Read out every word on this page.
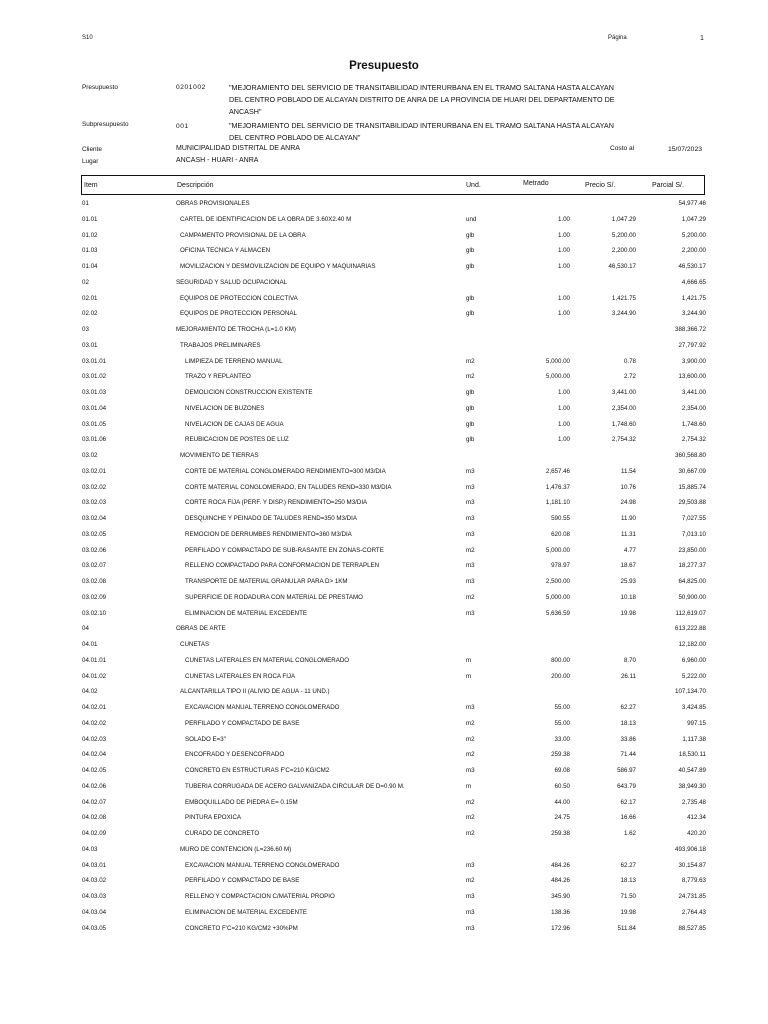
S10	Página	1
Presupuesto
Presupuesto	0201002	"MEJORAMIENTO DEL SERVICIO DE TRANSITABILIDAD INTERURBANA EN EL TRAMO SALTANA HASTA ALCAYAN
DEL CENTRO POBLADO DE ALCAYAN DISTRITO DE ANRA DE LA PROVINCIA DE HUARI DEL DEPARTAMENTO DE
ANCASH"
Subpresupuesto	001	"MEJORAMIENTO DEL SERVICIO DE TRANSITABILIDAD INTERURBANA EN EL TRAMO SALTANA HASTA ALCAYAN
DEL CENTRO POBLADO DE ALCAYAN"
Cliente	MUNICIPALIDAD DISTRITAL DE ANRA	Costo al	15/07/2023
Lugar	ANCASH - HUARI - ANRA
Item	Descripción	Und.	Metrado	Precio S/.	Parcial S/.
01	OBRAS PROVISIONALES	54,977.46
01.01	CARTEL DE IDENTIFICACION DE LA OBRA DE 3.60X2.40 M	und	1.00	1,047.29	1,047.29
01.02	CAMPAMENTO PROVISIONAL DE LA OBRA	glb	1.00	5,200.00	5,200.00
01.03	OFICINA TECNICA Y ALMACEN	glb	1.00	2,200.00	2,200.00
01.04	MOVILIZACION Y DESMOVILIZACION DE EQUIPO Y MAQUINARIAS	glb	1.00	46,530.17	46,530.17
02	SEGURIDAD Y SALUD OCUPACIONAL	4,666.65
02.01	EQUIPOS DE PROTECCION COLECTIVA	glb	1.00	1,421.75	1,421.75
02.02	EQUIPOS DE PROTECCION PERSONAL	glb	1.00	3,244.90	3,244.90
03	MEJORAMIENTO DE TROCHA (L=1.0 KM)	388,366.72
03.01	TRABAJOS PRELIMINARES	27,797.92
03.01.01	LIMPIEZA DE TERRENO MANUAL	m2	5,000.00	0.78	3,900.00
03.01.02	TRAZO Y REPLANTEO	m2	5,000.00	2.72	13,600.00
03.01.03	DEMOLICION CONSTRUCCION EXISTENTE	glb	1.00	3,441.00	3,441.00
03.01.04	NIVELACION DE BUZONES	glb	1.00	2,354.00	2,354.00
03.01.05	NIVELACION DE CAJAS DE AGUA	glb	1.00	1,748.60	1,748.60
03.01.06	REUBICACION DE POSTES DE LUZ	glb	1.00	2,754.32	2,754.32
03.02	MOVIMIENTO DE TIERRAS	360,568.80
03.02.01	CORTE DE MATERIAL CONGLOMERADO RENDIMIENTO=300 M3/DIA	m3	2,657.46	11.54	30,667.09
03.02.02	CORTE MATERIAL CONGLOMERADO, EN TALUDES REND=330 M3/DIA	m3	1,476.37	10.76	15,885.74
03.02.03	CORTE ROCA FIJA (PERF. Y DISP.) RENDIMIENTO=250 M3/DIA	m3	1,181.10	24.98	29,503.88
03.02.04	DESQUINCHE Y PEINADO DE TALUDES REND=350 M3/DIA	m3	590.55	11.90	7,027.55
03.02.05	REMOCION DE DERRUMBES RENDIMIENTO=360 M3/DIA	m3	620.08	11.31	7,013.10
03.02.06	PERFILADO Y COMPACTADO DE SUB-RASANTE EN ZONAS-CORTE	m2	5,000.00	4.77	23,850.00
03.02.07	RELLENO COMPACTADO PARA CONFORMACION DE TERRAPLEN	m3	978.97	18.67	18,277.37
03.02.08	TRANSPORTE DE MATERIAL GRANULAR PARA D> 1KM	m3	2,500.00	25.93	64,825.00
03.02.09	SUPERFICIE DE RODADURA CON MATERIAL DE PRESTAMO	m2	5,000.00	10.18	50,900.00
03.02.10	ELIMINACION DE MATERIAL EXCEDENTE	m3	5,636.59	19.98	112,619.07
04	OBRAS DE ARTE	613,222.88
04.01	CUNETAS	12,182.00
04.01.01	CUNETAS LATERALES EN MATERIAL CONGLOMERADO	m	800.00	8.70	6,960.00
04.01.02	CUNETAS LATERALES EN ROCA FIJA	m	200.00	26.11	5,222.00
04.02	ALCANTARILLA TIPO II (ALIVIO DE AGUA - 11 UND.)	107,134.70
04.02.01	EXCAVACION MANUAL TERRENO CONGLOMERADO	m3	55.00	62.27	3,424.85
04.02.02	PERFILADO Y COMPACTADO DE BASE	m2	55.00	18.13	997.15
04.02.03	SOLADO E=3"	m2	33.00	33.86	1,117.38
04.02.04	ENCOFRADO Y DESENCOFRADO	m2	259.38	71.44	18,530.11
04.02.05	CONCRETO EN ESTRUCTURAS F'C=210 KG/CM2	m3	69.08	586.97	40,547.89
04.02.06	TUBERIA CORRUGADA DE ACERO GALVANIZADA CIRCULAR DE D=0.90 M.	m	60.50	643.79	38,949.30
04.02.07	EMBOQUILLADO DE PIEDRA E= 0.15M	m2	44.00	62.17	2,735.48
04.02.08	PINTURA EPOXICA	m2	24.75	16.66	412.34
04.02.09	CURADO DE CONCRETO	m2	259.38	1.62	420.20
04.03	MURO DE CONTENCION (L=236.60 M)	493,906.18
04.03.01	EXCAVACION MANUAL TERRENO CONGLOMERADO	m3	484.26	62.27	30,154.87
04.03.02	PERFILADO Y COMPACTADO DE BASE	m2	484.26	18.13	8,779.63
04.03.03	RELLENO Y COMPACTACION C/MATERIAL PROPIO	m3	345.90	71.50	24,731.85
04.03.04	ELIMINACION DE MATERIAL EXCEDENTE	m3	138.36	19.98	2,764.43
04.03.05	CONCRETO F'C=210 KG/CM2 +30%PM	m3	172.96	511.84	88,527.85
